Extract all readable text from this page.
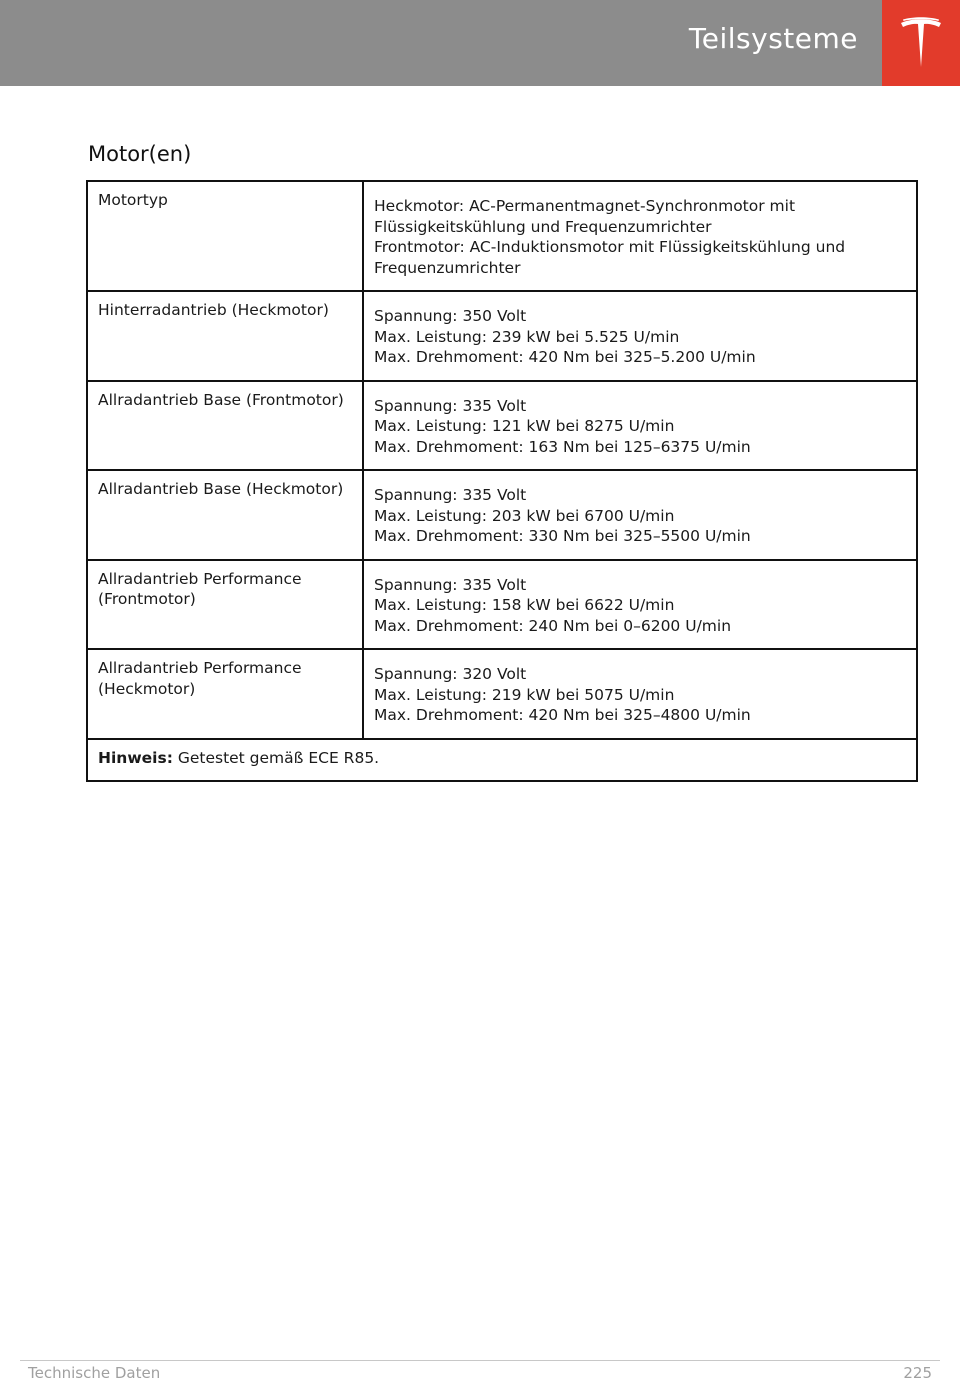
Teilsysteme
Motor(en)
Motortyp	Heckmotor: AC-Permanentmagnet-Synchronmotor mit
Flüssigkeitskühlung und Frequenzumrichter
Frontmotor: AC-Induktionsmotor mit Flüssigkeitskühlung und
Frequenzumrichter

Hinterradantrieb (Heckmotor)	Spannung: 350 Volt
Max. Leistung: 239 kW bei 5.525 U/min
Max. Drehmoment: 420 Nm bei 325–5.200 U/min

Allradantrieb Base (Frontmotor)	Spannung: 335 Volt
Max. Leistung: 121 kW bei 8275 U/min
Max. Drehmoment: 163 Nm bei 125–6375 U/min

Allradantrieb Base (Heckmotor)	Spannung: 335 Volt
Max. Leistung: 203 kW bei 6700 U/min
Max. Drehmoment: 330 Nm bei 325–5500 U/min

Allradantrieb Performance (Frontmotor)	Spannung: 335 Volt
Max. Leistung: 158 kW bei 6622 U/min
Max. Drehmoment: 240 Nm bei 0–6200 U/min

Allradantrieb Performance (Heckmotor)	Spannung: 320 Volt
Max. Leistung: 219 kW bei 5075 U/min
Max. Drehmoment: 420 Nm bei 325–4800 U/min

Hinweis: Getestet gemäß ECE R85.	
Technische Daten	225
